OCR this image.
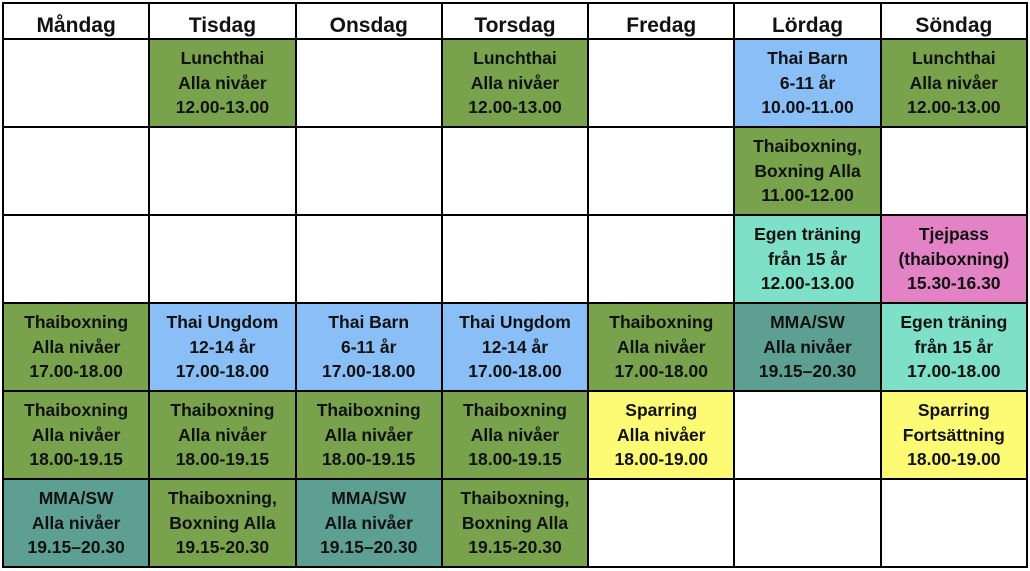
Måndag	Tisdag	Onsdag	Torsdag	Fredag	Lördag	Söndag

	Lunchthai
Alla nivåer
12.00-13.00		Lunchthai
Alla nivåer
12.00-13.00		Thai Barn
6-11 år
10.00-11.00	Lunchthai
Alla nivåer
12.00-13.00

					Thaiboxning,
Boxning Alla
11.00-12.00	

					Egen träning
från 15 år
12.00-13.00	Tjejpass
(thaiboxning)
15.30-16.30

Thaiboxning
Alla nivåer
17.00-18.00	Thai Ungdom
12-14 år
17.00-18.00	Thai Barn
6-11 år
17.00-18.00	Thai Ungdom
12-14 år
17.00-18.00	Thaiboxning
Alla nivåer
17.00-18.00	MMA/SW
Alla nivåer
19.15–20.30	Egen träning
från 15 år
17.00-18.00

Thaiboxning
Alla nivåer
18.00-19.15	Thaiboxning
Alla nivåer
18.00-19.15	Thaiboxning
Alla nivåer
18.00-19.15	Thaiboxning
Alla nivåer
18.00-19.15	Sparring
Alla nivåer
18.00-19.00		Sparring
Fortsättning
18.00-19.00

MMA/SW
Alla nivåer
19.15–20.30	Thaiboxning,
Boxning Alla
19.15-20.30	MMA/SW
Alla nivåer
19.15–20.30	Thaiboxning,
Boxning Alla
19.15-20.30			
